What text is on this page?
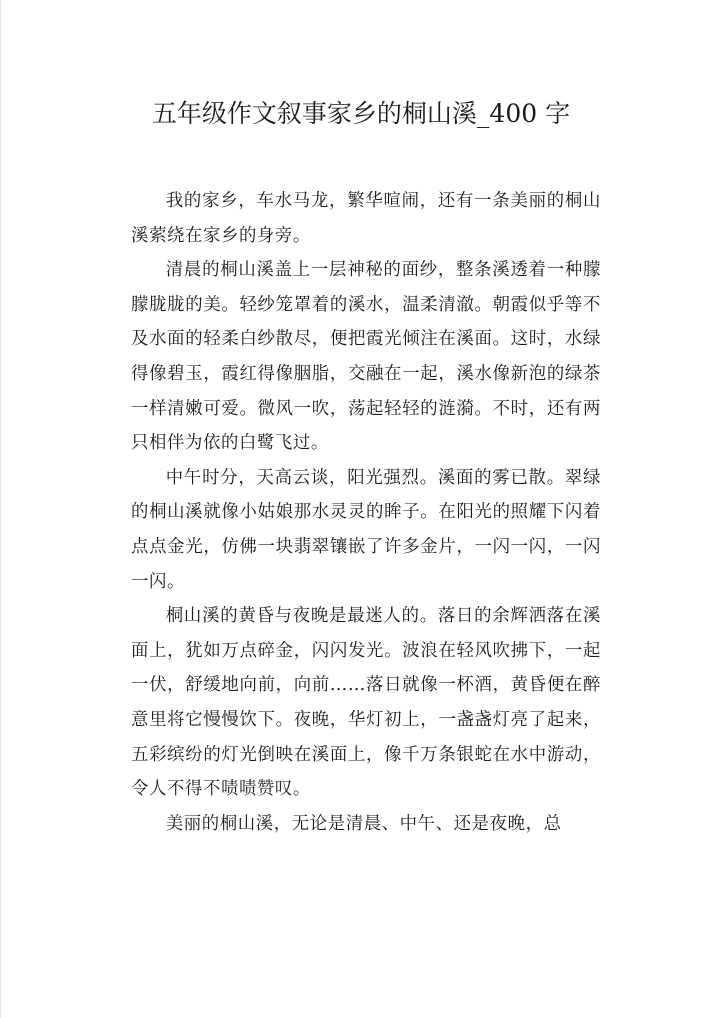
五年级作文叙事家乡的桐山溪_400 字

我的家乡，车水马龙，繁华喧闹，还有一条美丽的桐山溪萦绕在家乡的身旁。

清晨的桐山溪盖上一层神秘的面纱，整条溪透着一种朦朦胧胧的美。轻纱笼罩着的溪水，温柔清澈。朝霞似乎等不及水面的轻柔白纱散尽，便把霞光倾注在溪面。这时，水绿得像碧玉，霞红得像胭脂，交融在一起，溪水像新泡的绿茶一样清嫩可爱。微风一吹，荡起轻轻的涟漪。不时，还有两只相伴为依的白鹭飞过。

中午时分，天高云谈，阳光强烈。溪面的雾已散。翠绿的桐山溪就像小姑娘那水灵灵的眸子。在阳光的照耀下闪着点点金光，仿佛一块翡翠镶嵌了许多金片，一闪一闪，一闪一闪。

桐山溪的黄昏与夜晚是最迷人的。落日的余辉洒落在溪面上，犹如万点碎金，闪闪发光。波浪在轻风吹拂下，一起一伏，舒缓地向前，向前……落日就像一杯酒，黄昏便在醉意里将它慢慢饮下。夜晚，华灯初上，一盏盏灯亮了起来，五彩缤纷的灯光倒映在溪面上，像千万条银蛇在水中游动，令人不得不啧啧赞叹。

美丽的桐山溪，无论是清晨、中午、还是夜晚，总
